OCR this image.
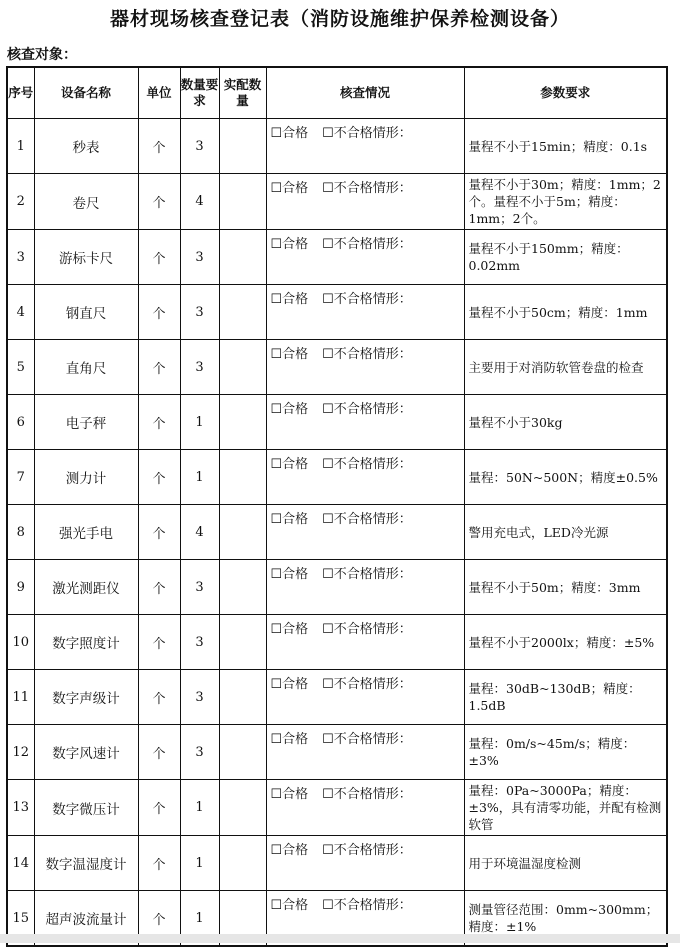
器材现场核查登记表（消防设施维护保养检测设备）
核查对象：
序号	设备名称	单位	数量要求	实配数量	核查情况	参数要求
1	秒表	个	3		☐合格 ☐不合格情形：	量程不小于15min；精度：0.1s
2	卷尺	个	4		☐合格 ☐不合格情形：	量程不小于30m；精度：1mm；2个。量程不小于5m；精度：1mm；2个。
3	游标卡尺	个	3		☐合格 ☐不合格情形：	量程不小于150mm；精度：0.02mm
4	钢直尺	个	3		☐合格 ☐不合格情形：	量程不小于50cm；精度：1mm
5	直角尺	个	3		☐合格 ☐不合格情形：	主要用于对消防软管卷盘的检查
6	电子秤	个	1		☐合格 ☐不合格情形：	量程不小于30kg
7	测力计	个	1		☐合格 ☐不合格情形：	量程：50N~500N；精度±0.5%
8	强光手电	个	4		☐合格 ☐不合格情形：	警用充电式，LED冷光源
9	激光测距仪	个	3		☐合格 ☐不合格情形：	量程不小于50m；精度：3mm
10	数字照度计	个	3		☐合格 ☐不合格情形：	量程不小于2000lx；精度：±5%
11	数字声级计	个	3		☐合格 ☐不合格情形：	量程：30dB~130dB；精度：1.5dB
12	数字风速计	个	3		☐合格 ☐不合格情形：	量程：0m/s~45m/s；精度：±3%
13	数字微压计	个	1		☐合格 ☐不合格情形：	量程：0Pa~3000Pa；精度：±3%，具有清零功能，并配有检测软管
14	数字温湿度计	个	1		☐合格 ☐不合格情形：	用于环境温湿度检测
15	超声波流量计	个	1		☐合格 ☐不合格情形：	测量管径范围：0mm~300mm；精度：±1%
